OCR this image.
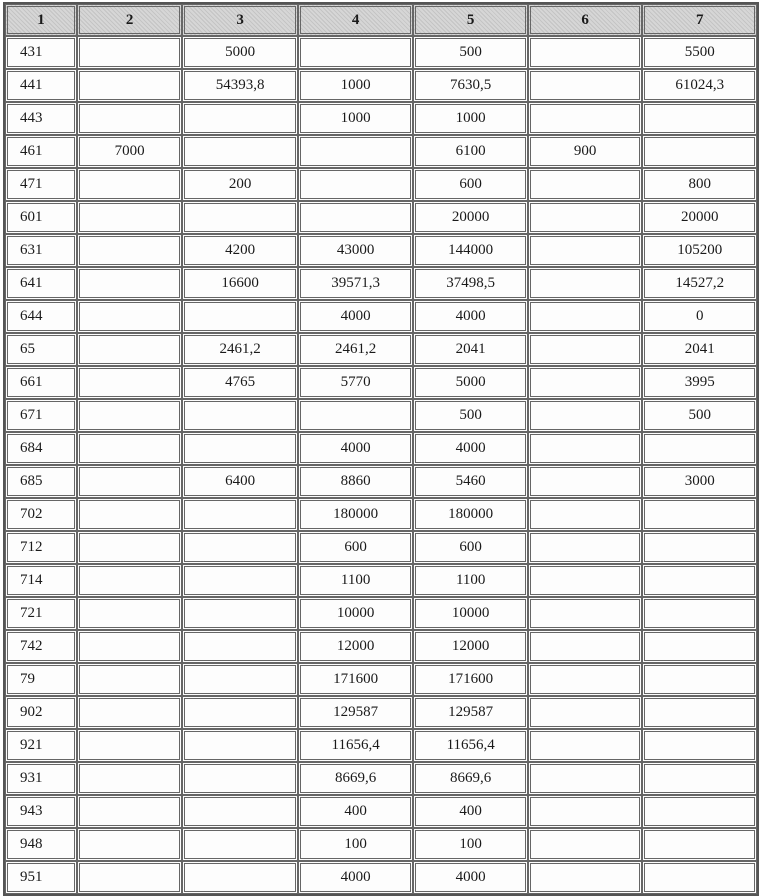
1	2	3	4	5	6	7
431		5000		500		5500
441		54393,8	1000	7630,5		61024,3
443			1000	1000		
461	7000			6100	900	
471		200		600		800
601				20000		20000
631		4200	43000	144000		105200
641		16600	39571,3	37498,5		14527,2
644			4000	4000		0
65		2461,2	2461,2	2041		2041
661		4765	5770	5000		3995
671				500		500
684			4000	4000		
685		6400	8860	5460		3000
702			180000	180000		
712			600	600		
714			1100	1100		
721			10000	10000		
742			12000	12000		
79			171600	171600		
902			129587	129587		
921			11656,4	11656,4		
931			8669,6	8669,6		
943			400	400		
948			100	100		
951			4000	4000		
